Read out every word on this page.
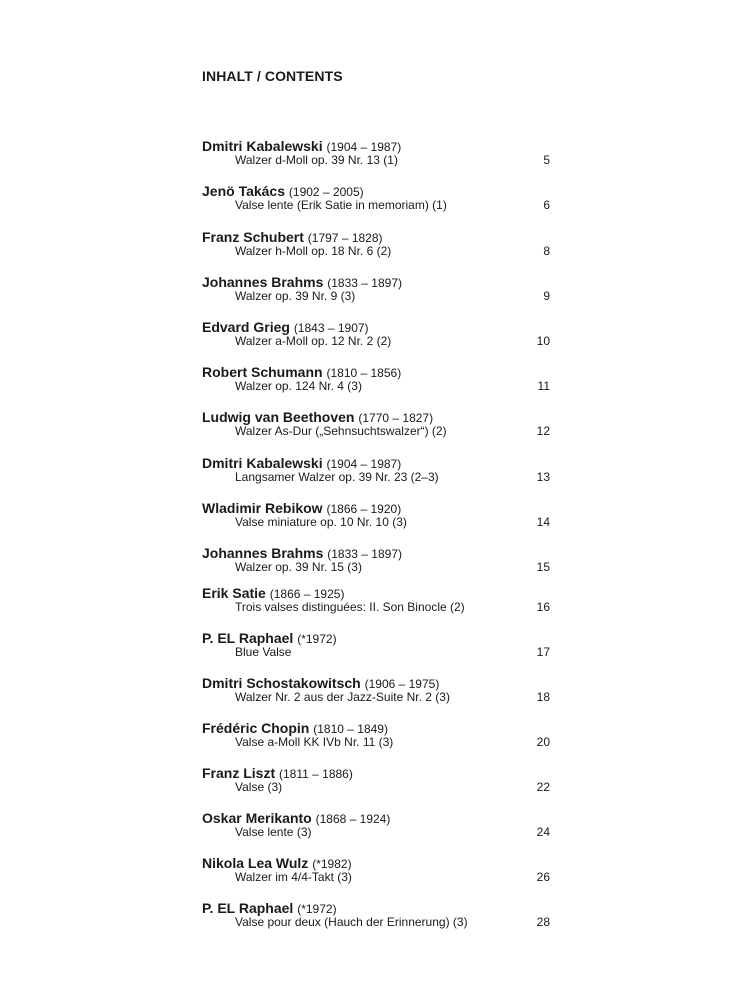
INHALT / CONTENTS
Dmitri Kabalewski (1904 – 1987)
Walzer d-Moll op. 39 Nr. 13 (1)	5
Jenö Takács (1902 – 2005)
Valse lente (Erik Satie in memoriam) (1)	6
Franz Schubert (1797 – 1828)
Walzer h-Moll op. 18 Nr. 6 (2)	8
Johannes Brahms (1833 – 1897)
Walzer op. 39 Nr. 9 (3)	9
Edvard Grieg (1843 – 1907)
Walzer a-Moll op. 12 Nr. 2 (2)	10
Robert Schumann (1810 – 1856)
Walzer op. 124 Nr. 4 (3)	11
Ludwig van Beethoven (1770 – 1827)
Walzer As-Dur („Sehnsuchtswalzer“) (2)	12
Dmitri Kabalewski (1904 – 1987)
Langsamer Walzer op. 39 Nr. 23 (2–3)	13
Wladimir Rebikow (1866 – 1920)
Valse miniature op. 10 Nr. 10 (3)	14
Johannes Brahms (1833 – 1897)
Walzer op. 39 Nr. 15 (3)	15
Erik Satie (1866 – 1925)
Trois valses distinguées: II. Son Binocle (2)	16
P. EL Raphael (*1972)
Blue Valse	17
Dmitri Schostakowitsch (1906 – 1975)
Walzer Nr. 2 aus der Jazz-Suite Nr. 2 (3)	18
Frédéric Chopin (1810 – 1849)
Valse a-Moll KK IVb Nr. 11 (3)	20
Franz Liszt (1811 – 1886)
Valse (3)	22
Oskar Merikanto (1868 – 1924)
Valse lente (3)	24
Nikola Lea Wulz (*1982)
Walzer im 4/4-Takt (3)	26
P. EL Raphael (*1972)
Valse pour deux (Hauch der Erinnerung) (3)	28
